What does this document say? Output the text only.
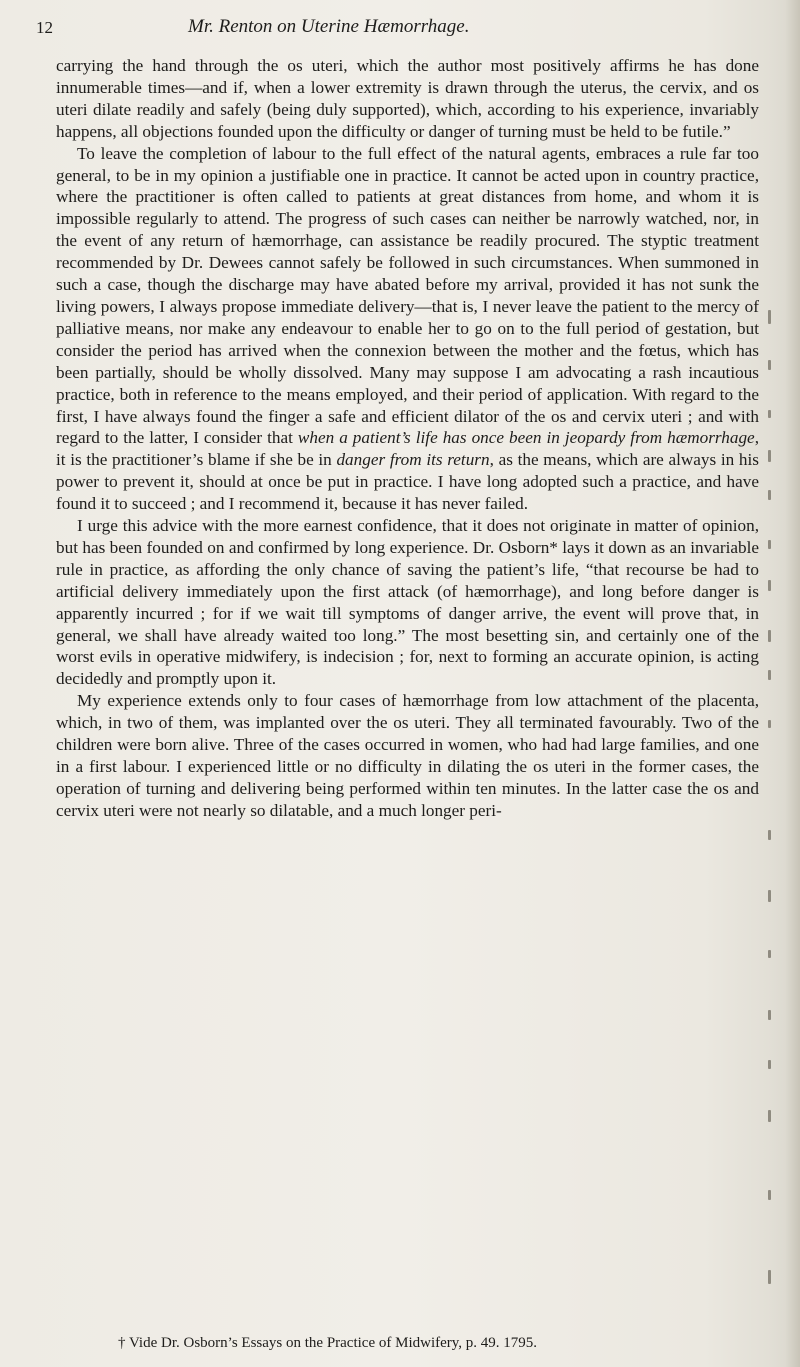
12	Mr. Renton on Uterine Hæmorrhage.

carrying the hand through the os uteri, which the author most positively affirms he has done innumerable times—and if, when a lower extremity is drawn through the uterus, the cervix, and os uteri dilate readily and safely (being duly supported), which, according to his experience, invariably happens, all objections founded upon the difficulty or danger of turning must be held to be futile.”

To leave the completion of labour to the full effect of the natural agents, embraces a rule far too general, to be in my opinion a justifiable one in practice. It cannot be acted upon in country practice, where the practitioner is often called to patients at great distances from home, and whom it is impossible regularly to attend. The progress of such cases can neither be narrowly watched, nor, in the event of any return of hæmorrhage, can assistance be readily procured. The styptic treatment recommended by Dr. Dewees cannot safely be followed in such circumstances. When summoned in such a case, though the discharge may have abated before my arrival, provided it has not sunk the living powers, I always propose immediate delivery—that is, I never leave the patient to the mercy of palliative means, nor make any endeavour to enable her to go on to the full period of gestation, but consider the period has arrived when the connexion between the mother and the fœtus, which has been partially, should be wholly dissolved. Many may suppose I am advocating a rash incautious practice, both in reference to the means employed, and their period of application. With regard to the first, I have always found the finger a safe and efficient dilator of the os and cervix uteri ; and with regard to the latter, I consider that when a patient’s life has once been in jeopardy from hæmorrhage, it is the practitioner’s blame if she be in danger from its return, as the means, which are always in his power to prevent it, should at once be put in practice. I have long adopted such a practice, and have found it to succeed ; and I recommend it, because it has never failed.

I urge this advice with the more earnest confidence, that it does not originate in matter of opinion, but has been founded on and confirmed by long experience. Dr. Osborn* lays it down as an invariable rule in practice, as affording the only chance of saving the patient’s life, “that recourse be had to artificial delivery immediately upon the first attack (of hæmorrhage), and long before danger is apparently incurred ; for if we wait till symptoms of danger arrive, the event will prove that, in general, we shall have already waited too long.” The most besetting sin, and certainly one of the worst evils in operative midwifery, is indecision ; for, next to forming an accurate opinion, is acting decidedly and promptly upon it.

My experience extends only to four cases of hæmorrhage from low attachment of the placenta, which, in two of them, was implanted over the os uteri. They all terminated favourably. Two of the children were born alive. Three of the cases occurred in women, who had had large families, and one in a first labour. I experienced little or no difficulty in dilating the os uteri in the former cases, the operation of turning and delivering being performed within ten minutes. In the latter case the os and cervix uteri were not nearly so dilatable, and a much longer peri-

† Vide Dr. Osborn’s Essays on the Practice of Midwifery, p. 49. 1795.
